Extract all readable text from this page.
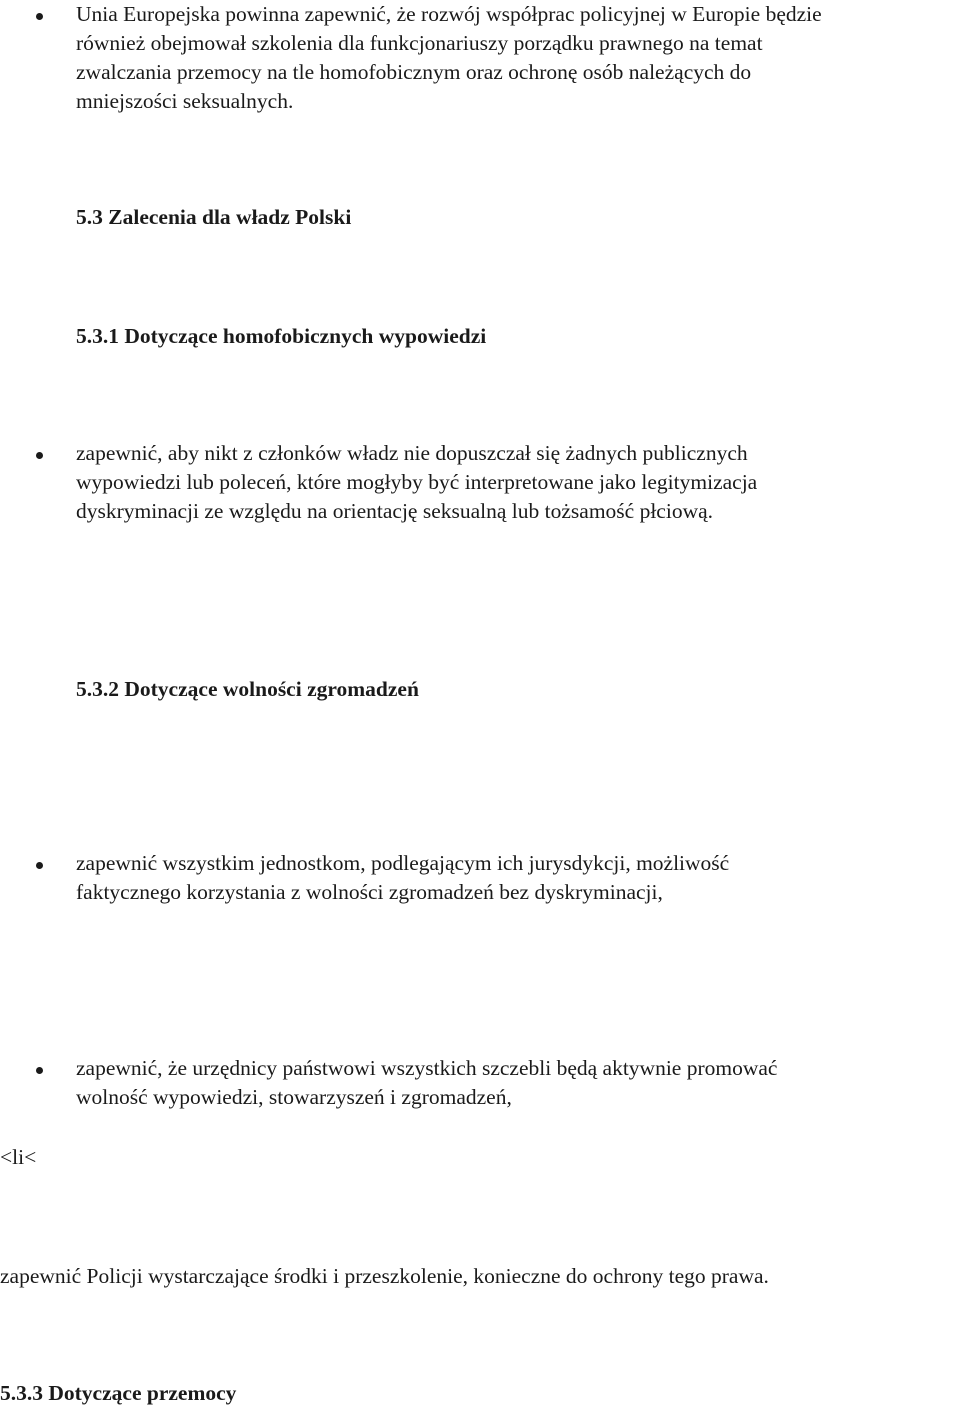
Unia Europejska powinna zapewnić, że rozwój współprac policyjnej w Europie będzie
również obejmował szkolenia dla funkcjonariuszy porządku prawnego na temat
zwalczania przemocy na tle homofobicznym oraz ochronę osób należących do
mniejszości seksualnych.
5.3 Zalecenia dla władz Polski
5.3.1 Dotyczące homofobicznych wypowiedzi
zapewnić, aby nikt z członków władz nie dopuszczał się żadnych publicznych
wypowiedzi lub poleceń, które mogłyby być interpretowane jako legitymizacja
dyskryminacji ze względu na orientację seksualną lub tożsamość płciową.
5.3.2 Dotyczące wolności zgromadzeń
zapewnić wszystkim jednostkom, podlegającym ich jurysdykcji, możliwość
faktycznego korzystania z wolności zgromadzeń bez dyskryminacji,
zapewnić, że urzędnicy państwowi wszystkich szczebli będą aktywnie promować
wolność wypowiedzi, stowarzyszeń i zgromadzeń,
<li<
zapewnić Policji wystarczające środki i przeszkolenie, konieczne do ochrony tego prawa.
5.3.3 Dotyczące przemocy
